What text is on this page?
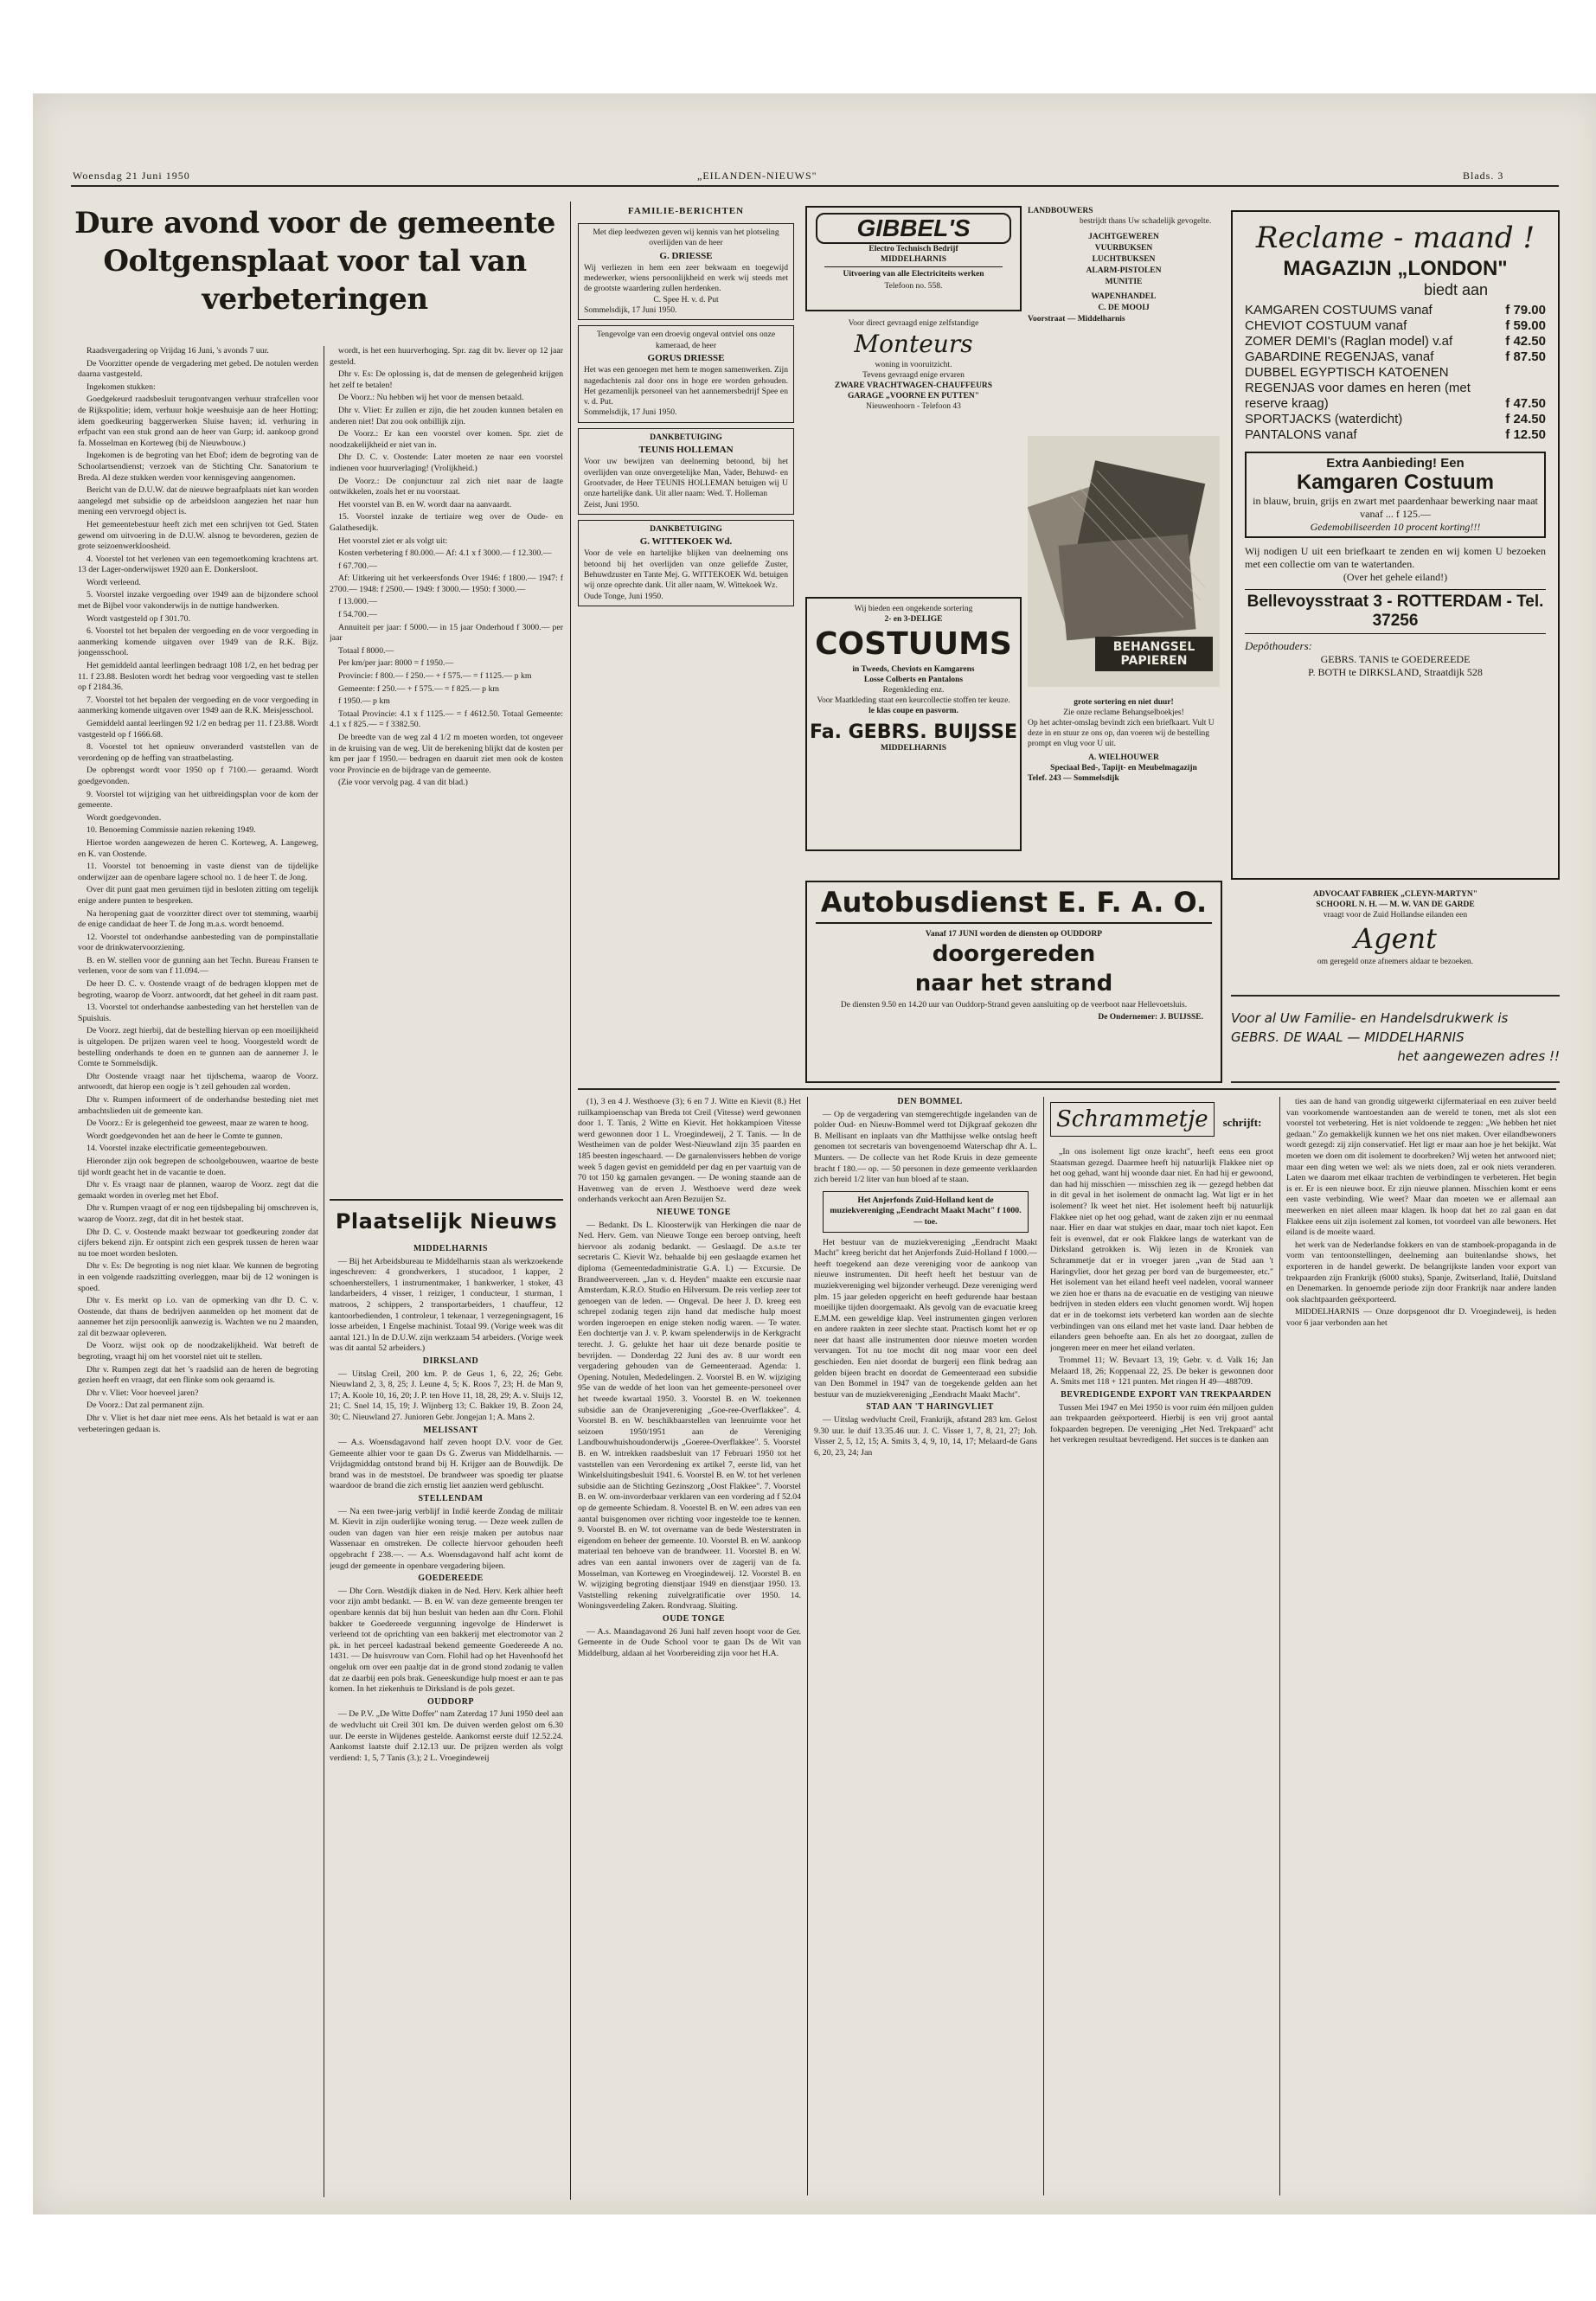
Woensdag 21 Juni 1950	„EILANDEN-NIEUWS"	Blads. 3
Dure avond voor de gemeente
Ooltgensplaat voor tal van
verbeteringen

Raadsvergadering op Vrijdag 16 Juni, 's avonds 7 uur.

De Voorzitter opende de vergadering met gebed. De notulen werden daarna vastgesteld.

Ingekomen stukken:

Goedgekeurd raadsbesluit terugontvangen verhuur strafcellen voor de Rijkspolitie; idem, verhuur hokje weeshuisje aan de heer Hotting; idem goedkeuring baggerwerken Sluise haven; id. verhuring in erfpacht van een stuk grond aan de heer van Gurp; id. aankoop grond fa. Mosselman en Korteweg (bij de Nieuwbouw.)

Ingekomen is de begroting van het Ebof; idem de begroting van de Schoolartsendienst; verzoek van de Stichting Chr. Sanatorium te Breda. Al deze stukken werden voor kennisgeving aangenomen.

Bericht van de D.U.W. dat de nieuwe begraafplaats niet kan worden aangelegd met subsidie op de arbeidsloon aangezien het naar hun mening een vervroegd object is.

Het gemeentebestuur heeft zich met een schrijven tot Ged. Staten gewend om uitvoering in de D.U.W. alsnog te bevorderen, gezien de grote seizoenwerkloosheid.

4. Voorstel tot het verlenen van een tegemoetkoming krachtens art. 13 der Lager-onderwijswet 1920 aan E. Donkersloot.

Wordt verleend.

5. Voorstel inzake vergoeding over 1949 aan de bijzondere school met de Bijbel voor vakonderwijs in de nuttige handwerken.

Wordt vastgesteld op f 301.70.

6. Voorstel tot het bepalen der vergoeding en de voor vergoeding in aanmerking komende uitgaven over 1949 van de R.K. Bijz. jongensschool.

Het gemiddeld aantal leerlingen bedraagt 108 1/2, en het bedrag per 11. f 23.88. Besloten wordt het bedrag voor vergoeding vast te stellen op f 2184.36.

7. Voorstel tot het bepalen der vergoeding en de voor vergoeding in aanmerking komende uitgaven over 1949 aan de R.K. Meisjesschool.

Gemiddeld aantal leerlingen 92 1/2 en bedrag per 11. f 23.88. Wordt vastgesteld op f 1666.68.

8. Voorstel tot het opnieuw onveranderd vaststellen van de verordening op de heffing van straatbelasting.

De opbrengst wordt voor 1950 op f 7100.— geraamd. Wordt goedgevonden.

9. Voorstel tot wijziging van het uitbreidingsplan voor de kom der gemeente.

Wordt goedgevonden.

10. Benoeming Commissie nazien rekening 1949.

Hiertoe worden aangewezen de heren C. Korteweg, A. Langeweg, en K. van Oostende.

11. Voorstel tot benoeming in vaste dienst van de tijdelijke onderwijzer aan de openbare lagere school no. 1 de heer T. de Jong.

Over dit punt gaat men geruimen tijd in besloten zitting om tegelijk enige andere punten te bespreken.

Na heropening gaat de voorzitter direct over tot stemming, waarbij de enige candidaat de heer T. de Jong m.a.s. wordt benoemd.

12. Voorstel tot onderhandse aanbesteding van de pompinstallatie voor de drinkwatervoorziening.

B. en W. stellen voor de gunning aan het Techn. Bureau Fransen te verlenen, voor de som van f 11.094.—

De heer D. C. v. Oostende vraagt of de bedragen kloppen met de begroting, waarop de Voorz. antwoordt, dat het geheel in dit raam past.

13. Voorstel tot onderhandse aanbesteding van het herstellen van de Spuisluis.

De Voorz. zegt hierbij, dat de bestelling hiervan op een moeilijkheid is uitgelopen. De prijzen waren veel te hoog. Voorgesteld wordt de bestelling onderhands te doen en te gunnen aan de aannemer J. le Comte te Sommelsdijk.

Dhr Oostende vraagt naar het tijdschema, waarop de Voorz. antwoordt, dat hierop een oogje is 't zeil gehouden zal worden.

Dhr v. Rumpen informeert of de onderhandse besteding niet met ambachtslieden uit de gemeente kan.

De Voorz.: Er is gelegenheid toe geweest, maar ze waren te hoog.

Wordt goedgevonden het aan de heer le Comte te gunnen.

14. Voorstel inzake electrificatie gemeentegebouwen.

Hieronder zijn ook begrepen de schoolgebouwen, waartoe de beste tijd wordt geacht het in de vacantie te doen.

Dhr v. Es vraagt naar de plannen, waarop de Voorz. zegt dat die gemaakt worden in overleg met het Ebof.

Dhr v. Rumpen vraagt of er nog een tijdsbepaling bij omschreven is, waarop de Voorz. zegt, dat dit in het bestek staat.

Dhr D. C. v. Oostende maakt bezwaar tot goedkeuring zonder dat cijfers bekend zijn. Er ontspint zich een gesprek tussen de heren waar nu toe moet worden besloten.

Dhr v. Es: De begroting is nog niet klaar. We kunnen de begroting in een volgende raadszitting overleggen, maar bij de 12 woningen is spoed.

Dhr v. Es merkt op i.o. van de opmerking van dhr D. C. v. Oostende, dat thans de bedrijven aanmelden op het moment dat de aannemer het zijn persoonlijk aanwezig is. Wachten we nu 2 maanden, zal dit bezwaar opleveren.

De Voorz. wijst ook op de noodzakelijkheid. Wat betreft de begroting, vraagt hij om het voorstel niet uit te stellen.

Dhr v. Rumpen zegt dat het 's raadslid aan de heren de begroting gezien heeft en vraagt, dat een flinke som ook geraamd is.

Dhr v. Vliet: Voor hoeveel jaren?

De Voorz.: Dat zal permanent zijn.

Dhr v. Vliet is het daar niet mee eens. Als het betaald is wat er aan verbeteringen gedaan is.

wordt, is het een huurverhoging. Spr. zag dit bv. liever op 12 jaar gesteld.

Dhr v. Es: De oplossing is, dat de mensen de gelegenheid krijgen het zelf te betalen!

De Voorz.: Nu hebben wij het voor de mensen betaald.

Dhr v. Vliet: Er zullen er zijn, die het zouden kunnen betalen en anderen niet! Dat zou ook onbillijk zijn.

De Voorz.: Er kan een voorstel over komen. Spr. ziet de noodzakelijkheid er niet van in.

Dhr D. C. v. Oostende: Later moeten ze naar een voorstel indienen voor huurverlaging! (Vrolijkheid.)

De Voorz.: De conjunctuur zal zich niet naar de laagte ontwikkelen, zoals het er nu voorstaat.

Het voorstel van B. en W. wordt daar na aanvaardt.

15. Voorstel inzake de tertiaire weg over de Oude- en Galathesedijk.

Het voorstel ziet er als volgt uit:

Kosten verbetering f 80.000.— Af: 4.1 x f 3000.— f 12.300.—

f 67.700.—

Af: Uitkering uit het verkeersfonds Over 1946: f 1800.— 1947: f 2700.— 1948: f 2500.— 1949: f 3000.— 1950: f 3000.—

f 13.000.—

f 54.700.—

Annuiteit per jaar: f 5000.— in 15 jaar Onderhoud f 3000.— per jaar

Totaal f 8000.—

Per km/per jaar: 8000 = f 1950.—

Provincie: f 800.— f 250.— + f 575.— = f 1125.— p km

Gemeente: f 250.— + f 575.— = f 825.— p km

f 1950.— p km

Totaal Provincie: 4.1 x f 1125.— = f 4612.50. Totaal Gemeente: 4.1 x f 825.— = f 3382.50.

De breedte van de weg zal 4 1/2 m moeten worden, tot ongeveer in de kruising van de weg. Uit de berekening blijkt dat de kosten per km per jaar f 1950.— bedragen en daaruit ziet men ook de kosten voor Provincie en de bijdrage van de gemeente.

(Zie voor vervolg pag. 4 van dit blad.)

Plaatselijk Nieuws

MIDDELHARNIS

— Bij het Arbeidsbureau te Middelharnis staan als werkzoekende ingeschreven: 4 grondwerkers, 1 stucadoor, 1 kapper, 2 schoenherstellers, 1 instrumentmaker, 1 bankwerker, 1 stoker, 43 landarbeiders, 4 visser, 1 reiziger, 1 conducteur, 1 sturman, 1 matroos, 2 schippers, 2 transportarbeiders, 1 chauffeur, 12 kantoorbedienden, 1 controleur, 1 tekenaar, 1 verzegeningsagent, 16 losse arbeiden, 1 Engelse machinist. Totaal 99. (Vorige week was dit aantal 121.) In de D.U.W. zijn werkzaam 54 arbeiders. (Vorige week was dit aantal 52 arbeiders.)

DIRKSLAND

— Uitslag Creil, 200 km. P. de Geus 1, 6, 22, 26; Gebr. Nieuwland 2, 3, 8, 25; J. Leune 4, 5; K. Roos 7, 23; H. de Man 9, 17; A. Koole 10, 16, 20; J. P. ten Hove 11, 18, 28, 29; A. v. Sluijs 12, 21; C. Snel 14, 15, 19; J. Wijnberg 13; C. Bakker 19, B. Zoon 24, 30; C. Nieuwland 27. Junioren Gebr. Jongejan 1; A. Mans 2.

MELISSANT

— A.s. Woensdagavond half zeven hoopt D.V. voor de Ger. Gemeente alhier voor te gaan Ds G. Zwerus van Middelharnis. — Vrijdagmiddag ontstond brand bij H. Krijger aan de Bouwdijk. De brand was in de meststoel. De brandweer was spoedig ter plaatse waardoor de brand die zich ernstig liet aanzien werd gebluscht.

STELLENDAM

— Na een twee-jarig verblijf in Indië keerde Zondag de militair M. Kievit in zijn ouderlijke woning terug. — Deze week zullen de ouden van dagen van hier een reisje maken per autobus naar Wassenaar en omstreken. De collecte hiervoor gehouden heeft opgebracht f 238.—. — A.s. Woensdagavond half acht komt de jeugd der gemeente in openbare vergadering bijeen.

GOEDEREEDE

— Dhr Corn. Westdijk diaken in de Ned. Herv. Kerk alhier heeft voor zijn ambt bedankt. — B. en W. van deze gemeente brengen ter openbare kennis dat bij hun besluit van heden aan dhr Corn. Flohil bakker te Goedereede vergunning ingevolge de Hinderwet is verleend tot de oprichting van een bakkerij met electromotor van 2 pk. in het perceel kadastraal bekend gemeente Goedereede A no. 1431. — De huisvrouw van Corn. Flohil had op het Havenhoofd het ongeluk om over een paaltje dat in de grond stond zodanig te vallen dat ze daarbij een pols brak. Geneeskundige hulp moest er aan te pas komen. In het ziekenhuis te Dirksland is de pols gezet.

OUDDORP

— De P.V. „De Witte Doffer" nam Zaterdag 17 Juni 1950 deel aan de wedvlucht uit Creil 301 km. De duiven werden gelost om 6.30 uur. De eerste in Wijdenes gestelde. Aankomst eerste duif 12.52.24. Aankomst laatste duif 2.12.13 uur. De prijzen werden als volgt verdiend: 1, 5, 7 Tanis (3.); 2 L. Vroegindeweij

FAMILIE-BERICHTEN
Met diep leedwezen geven wij kennis van het plotseling overlijden van de heer
G. DRIESSE
Wij verliezen in hem een zeer bekwaam en toegewijd medewerker, wiens persoonlijkheid en werk wij steeds met de grootste waardering zullen herdenken.
C. Spee H. v. d. Put
Sommelsdijk, 17 Juni 1950.
Tengevolge van een droevig ongeval ontviel ons onze kameraad, de heer
GORUS DRIESSE
Het was een genoegen met hem te mogen samenwerken. Zijn nagedachtenis zal door ons in hoge ere worden gehouden. Het gezamenlijk personeel van het aannemersbedrijf Spee en v. d. Put.
Sommelsdijk, 17 Juni 1950.
DANKBETUIGING
TEUNIS HOLLEMAN
Voor uw bewijzen van deelneming betoond, bij het overlijden van onze onvergetelijke Man, Vader, Behuwd- en Grootvader, de Heer TEUNIS HOLLEMAN betuigen wij U onze hartelijke dank. Uit aller naam: Wed. T. Holleman
Zeist, Juni 1950.
DANKBETUIGING
G. WITTEKOEK Wd.
Voor de vele en hartelijke blijken van deelneming ons betoond bij het overlijden van onze geliefde Zuster, Behuwdzuster en Tante Mej. G. WITTEKOEK Wd. betuigen wij onze oprechte dank. Uit aller naam, W. Wittekoek Wz.
Oude Tonge, Juni 1950.
GIBBEL'S
Electro Technisch Bedrijf
MIDDELHARNIS
Uitvoering van alle Electriciteits werken
Telefoon no. 558.
Voor direct gevraagd enige zelfstandige
Monteurs
woning in vooruitzicht.
Tevens gevraagd enige ervaren
ZWARE VRACHTWAGEN-CHAUFFEURS
GARAGE „VOORNE EN PUTTEN"
Nieuwenhoorn - Telefoon 43
Wij bieden een ongekende sortering
2- en 3-DELIGE
COSTUUMS
in Tweeds, Cheviots en Kamgarens
Losse Colberts en Pantalons
Regenkleding enz.
Voor Maatkleding staat een keurcollectie stoffen ter keuze.
le klas coupe en pasvorm.
Fa. GEBRS. BUIJSSE
MIDDELHARNIS
LANDBOUWERS
bestrijdt thans Uw schadelijk gevogelte.
JACHTGEWEREN
VUURBUKSEN
LUCHTBUKSEN
ALARM-PISTOLEN
MUNITIE
WAPENHANDEL
C. DE MOOIJ
Voorstraat — Middelharnis
BEHANGSEL PAPIEREN
grote sortering en niet duur!
Zie onze reclame Behangselboekjes!
Op het achter-omslag bevindt zich een briefkaart. Vult U deze in en stuur ze ons op, dan voeren wij de bestelling prompt en vlug voor U uit.
A. WIELHOUWER
Speciaal Bed-, Tapijt- en Meubelmagazijn
Telef. 243 — Sommelsdijk
Reclame - maand !
MAGAZIJN „LONDON"
biedt aan
KAMGAREN COSTUUMS vanaf	f 79.00
CHEVIOT COSTUUM vanaf	f 59.00
ZOMER DEMI's (Raglan model) v.af	f 42.50
GABARDINE REGENJAS, vanaf	f 87.50
DUBBEL EGYPTISCH KATOENEN REGENJAS voor dames en heren (met reserve kraag)	f 47.50
SPORTJACKS (waterdicht)	f 24.50
PANTALONS vanaf	f 12.50
Extra Aanbieding! Een
Kamgaren Costuum
in blauw, bruin, grijs en zwart met paardenhaar bewerking naar maat vanaf ... f 125.—
Gedemobiliseerden 10 procent korting!!!
Wij nodigen U uit een briefkaart te zenden en wij komen U bezoeken met een collectie om van te watertanden.
(Over het gehele eiland!)
Bellevoysstraat 3 - ROTTERDAM - Tel. 37256
Depôthouders:
GEBRS. TANIS te GOEDEREEDE
P. BOTH te DIRKSLAND, Straatdijk 528
ADVOCAAT FABRIEK „CLEYN-MARTYN"
SCHOORL N. H. — M. W. VAN DE GARDE
vraagt voor de Zuid Hollandse eilanden een
Agent
om geregeld onze afnemers aldaar te bezoeken.
Voor al Uw Familie- en Handelsdrukwerk is
GEBRS. DE WAAL — MIDDELHARNIS
het aangewezen adres !!
Autobusdienst E. F. A. O.
Vanaf 17 JUNI worden de diensten op OUDDORP
doorgereden
naar het strand
De diensten 9.50 en 14.20 uur van Ouddorp-Strand geven aansluiting op de veerboot naar Hellevoetsluis.
De Ondernemer: J. BUIJSSE.

(1), 3 en 4 J. Westhoeve (3); 6 en 7 J. Witte en Kievit (8.) Het ruilkampioenschap van Breda tot Creil (Vitesse) werd gewonnen door 1. T. Tanis, 2 Witte en Kievit. Het hokkampioen Vitesse werd gewonnen door 1 L. Vroegindeweij, 2 T. Tanis. — In de Westheimen van de polder West-Nieuwland zijn 35 paarden en 185 beesten ingeschaard. — De garnalenvissers hebben de vorige week 5 dagen gevist en gemiddeld per dag en per vaartuig van de 70 tot 150 kg garnalen gevangen. — De woning staande aan de Havenweg van de erven J. Westhoeve werd deze week onderhands verkocht aan Aren Bezuijen Sz.

NIEUWE TONGE

— Bedankt. Ds L. Kloosterwijk van Herkingen die naar de Ned. Herv. Gem. van Nieuwe Tonge een beroep ontving, heeft hiervoor als zodanig bedankt. — Geslaagd. De a.s.te ter secretaris C. Kievit Wz. behaalde bij een geslaagde examen het diploma (Gemeentedadministratie G.A. I.) — Excursie. De Brandweervereen. „Jan v. d. Heyden" maakte een excursie naar Amsterdam, K.R.O. Studio en Hilversum. De reis verliep zeer tot genoegen van de leden. — Ongeval. De heer J. D. kreeg een schrepel zodanig tegen zijn hand dat medische hulp moest worden ingeroepen en enige steken nodig waren. — Te water. Een dochtertje van J. v. P. kwam spelenderwijs in de Kerkgracht terecht. J. G. gelukte het haar uit deze benarde positie te bevrijden. — Donderdag 22 Juni des av. 8 uur wordt een vergadering gehouden van de Gemeenteraad. Agenda: 1. Opening. Notulen, Mededelingen. 2. Voorstel B. en W. wijziging 95e van de wedde of het loon van het gemeente-personeel over het tweede kwartaal 1950. 3. Voorstel B. en W. toekennen subsidie aan de Oranjevereniging „Goe-ree-Overflakkee". 4. Voorstel B. en W. beschikbaarstellen van leenruimte voor het seizoen 1950/1951 aan de Vereniging Landbouwhuishoudonderwijs „Goeree-Overflakkee". 5. Voorstel B. en W. intrekken raadsbesluit van 17 Februari 1950 tot het vaststellen van een Verordening ex artikel 7, eerste lid, van het Winkelsluitingsbesluit 1941. 6. Voorstel B. en W. tot het verlenen subsidie aan de Stichting Gezinszorg „Oost Flakkee". 7. Voorstel B. en W. om-invorderbaar verklaren van een vordering ad f 52.04 op de gemeente Schiedam. 8. Voorstel B. en W. een adres van een aantal buisgenomen over richting voor ingestelde toe te kennen. 9. Voorstel B. en W. tot overname van de bede Westerstraten in eigendom en beheer der gemeente. 10. Voorstel B. en W. aankoop materiaal ten behoeve van de brandweer. 11. Voorstel B. en W. adres van een aantal inwoners over de zagerij van de fa. Mosselman, van Korteweg en Vroegindeweij. 12. Voorstel B. en W. wijziging begroting dienstjaar 1949 en dienstjaar 1950. 13. Vaststelling rekening zuivelgratificatie over 1950. 14. Woningsverdeling Zaken. Rondvraag. Sluiting.

OUDE TONGE

— A.s. Maandagavond 26 Juni half zeven hoopt voor de Ger. Gemeente in de Oude School voor te gaan Ds de Wit van Middelburg, aldaan al het Voorbereiding zijn voor het H.A.

DEN BOMMEL

— Op de vergadering van stemgerechtigde ingelanden van de polder Oud- en Nieuw-Bommel werd tot Dijkgraaf gekozen dhr B. Mellisant en inplaats van dhr Matthijsse welke ontslag heeft genomen tot secretaris van bovengenoemd Waterschap dhr A. L. Munters. — De collecte van het Rode Kruis in deze gemeente bracht f 180.— op. — 50 personen in deze gemeente verklaarden zich bereid 1/2 liter van hun bloed af te staan.

Het Anjerfonds Zuid-Holland kent de muziekvereniging „Eendracht Maakt Macht" f 1000.— toe.

Het bestuur van de muziekvereniging „Eendracht Maakt Macht" kreeg bericht dat het Anjerfonds Zuid-Holland f 1000.— heeft toegekend aan deze vereniging voor de aankoop van nieuwe instrumenten. Dit heeft heeft het bestuur van de muziekvereniging wel bijzonder verheugd. Deze vereniging werd plm. 15 jaar geleden opgericht en heeft gedurende haar bestaan moeilijke tijden doorgemaakt. Als gevolg van de evacuatie kreeg E.M.M. een geweldige klap. Veel instrumenten gingen verloren en andere raakten in zeer slechte staat. Practisch komt het er op neer dat haast alle instrumenten door nieuwe moeten worden vervangen. Tot nu toe mocht dit nog maar voor een deel geschieden. Een niet doordat de burgerij een flink bedrag aan gelden bijeen bracht en doordat de Gemeenteraad een subsidie van Den Bommel in 1947 van de toegekende gelden aan het bestuur van de muziekvereniging „Eendracht Maakt Macht".

STAD AAN 'T HARINGVLIET

— Uitslag wedvlucht Creil, Frankrijk, afstand 283 km. Gelost 9.30 uur. le duif 13.35.46 uur. J. C. Visser 1, 7, 8, 21, 27; Joh. Visser 2, 5, 12, 15; A. Smits 3, 4, 9, 10, 14, 17; Melaard-de Gans 6, 20, 23, 24; Jan

Schrammetje schrijft:

„In ons isolement ligt onze kracht", heeft eens een groot Staatsman gezegd. Daarmee heeft hij natuurlijk Flakkee niet op het oog gehad, want hij woonde daar niet. En had hij er gewoond, dan had hij misschien — misschien zeg ik — gezegd hebben dat in dit geval in het isolement de onmacht lag. Wat ligt er in het isolement? Ik weet het niet. Het isolement heeft bij natuurlijk Flakkee niet op het oog gehad, want de zaken zijn er nu eenmaal naar. Hier en daar wat stukjes en daar, maar toch niet kapot. Een feit is evenwel, dat er ook Flakkee langs de waterkant van de Dirksland getrokken is. Wij lezen in de Kroniek van Schrammetje dat er in vroeger jaren „van de Stad aan 't Haringvliet, door het gezag per bord van de burgemeester, etc." Het isolement van het eiland heeft veel nadelen, vooral wanneer we zien hoe er thans na de evacuatie en de vestiging van nieuwe bedrijven in steden elders een vlucht genomen wordt. Wij hopen dat er in de toekomst iets verbeterd kan worden aan de slechte verbindingen van ons eiland met het vaste land. Daar hebben de eilanders geen behoefte aan. En als het zo doorgaat, zullen de jongeren meer en meer het eiland verlaten.

Trommel 11; W. Bevaart 13, 19; Gebr. v. d. Valk 16; Jan Melaard 18, 26; Koppenaal 22, 25. De beker is gewonnen door A. Smits met 118 + 121 punten. Met ringen H 49—488709.

BEVREDIGENDE EXPORT VAN TREKPAARDEN

Tussen Mei 1947 en Mei 1950 is voor ruim één miljoen gulden aan trekpaarden geëxporteerd. Hierbij is een vrij groot aantal fokpaarden begrepen. De vereniging „Het Ned. Trekpaard" acht het verkregen resultaat bevredigend. Het succes is te danken aan

ties aan de hand van grondig uitgewerkt cijfermateriaal en een zuiver beeld van voorkomende wantoestanden aan de wereld te tonen, met als slot een voorstel tot verbetering. Het is niet voldoende te zeggen: „We hebben het niet gedaan." Zo gemakkelijk kunnen we het ons niet maken. Over eilandbewoners wordt gezegd: zij zijn conservatief. Het ligt er maar aan hoe je het bekijkt. Wat moeten we doen om dit isolement te doorbreken? Wij weten het antwoord niet; maar een ding weten we wel: als we niets doen, zal er ook niets veranderen. Laten we daarom met elkaar trachten de verbindingen te verbeteren. Het begin is er. Er is een nieuwe boot. Er zijn nieuwe plannen. Misschien komt er eens een vaste verbinding. Wie weet? Maar dan moeten we er allemaal aan meewerken en niet alleen maar klagen. Ik hoop dat het zo zal gaan en dat Flakkee eens uit zijn isolement zal komen, tot voordeel van alle bewoners. Het eiland is de moeite waard.

het werk van de Nederlandse fokkers en van de stamboek-propaganda in de vorm van tentoonstellingen, deelneming aan buitenlandse shows, het exporteren in de handel gewerkt. De belangrijkste landen voor export van trekpaarden zijn Frankrijk (6000 stuks), Spanje, Zwitserland, Italië, Duitsland en Denemarken. In genoemde periode zijn door Frankrijk naar andere landen ook slachtpaarden geëxporteerd.

MIDDELHARNIS — Onze dorpsgenoot dhr D. Vroegindeweij, is heden voor 6 jaar verbonden aan het
